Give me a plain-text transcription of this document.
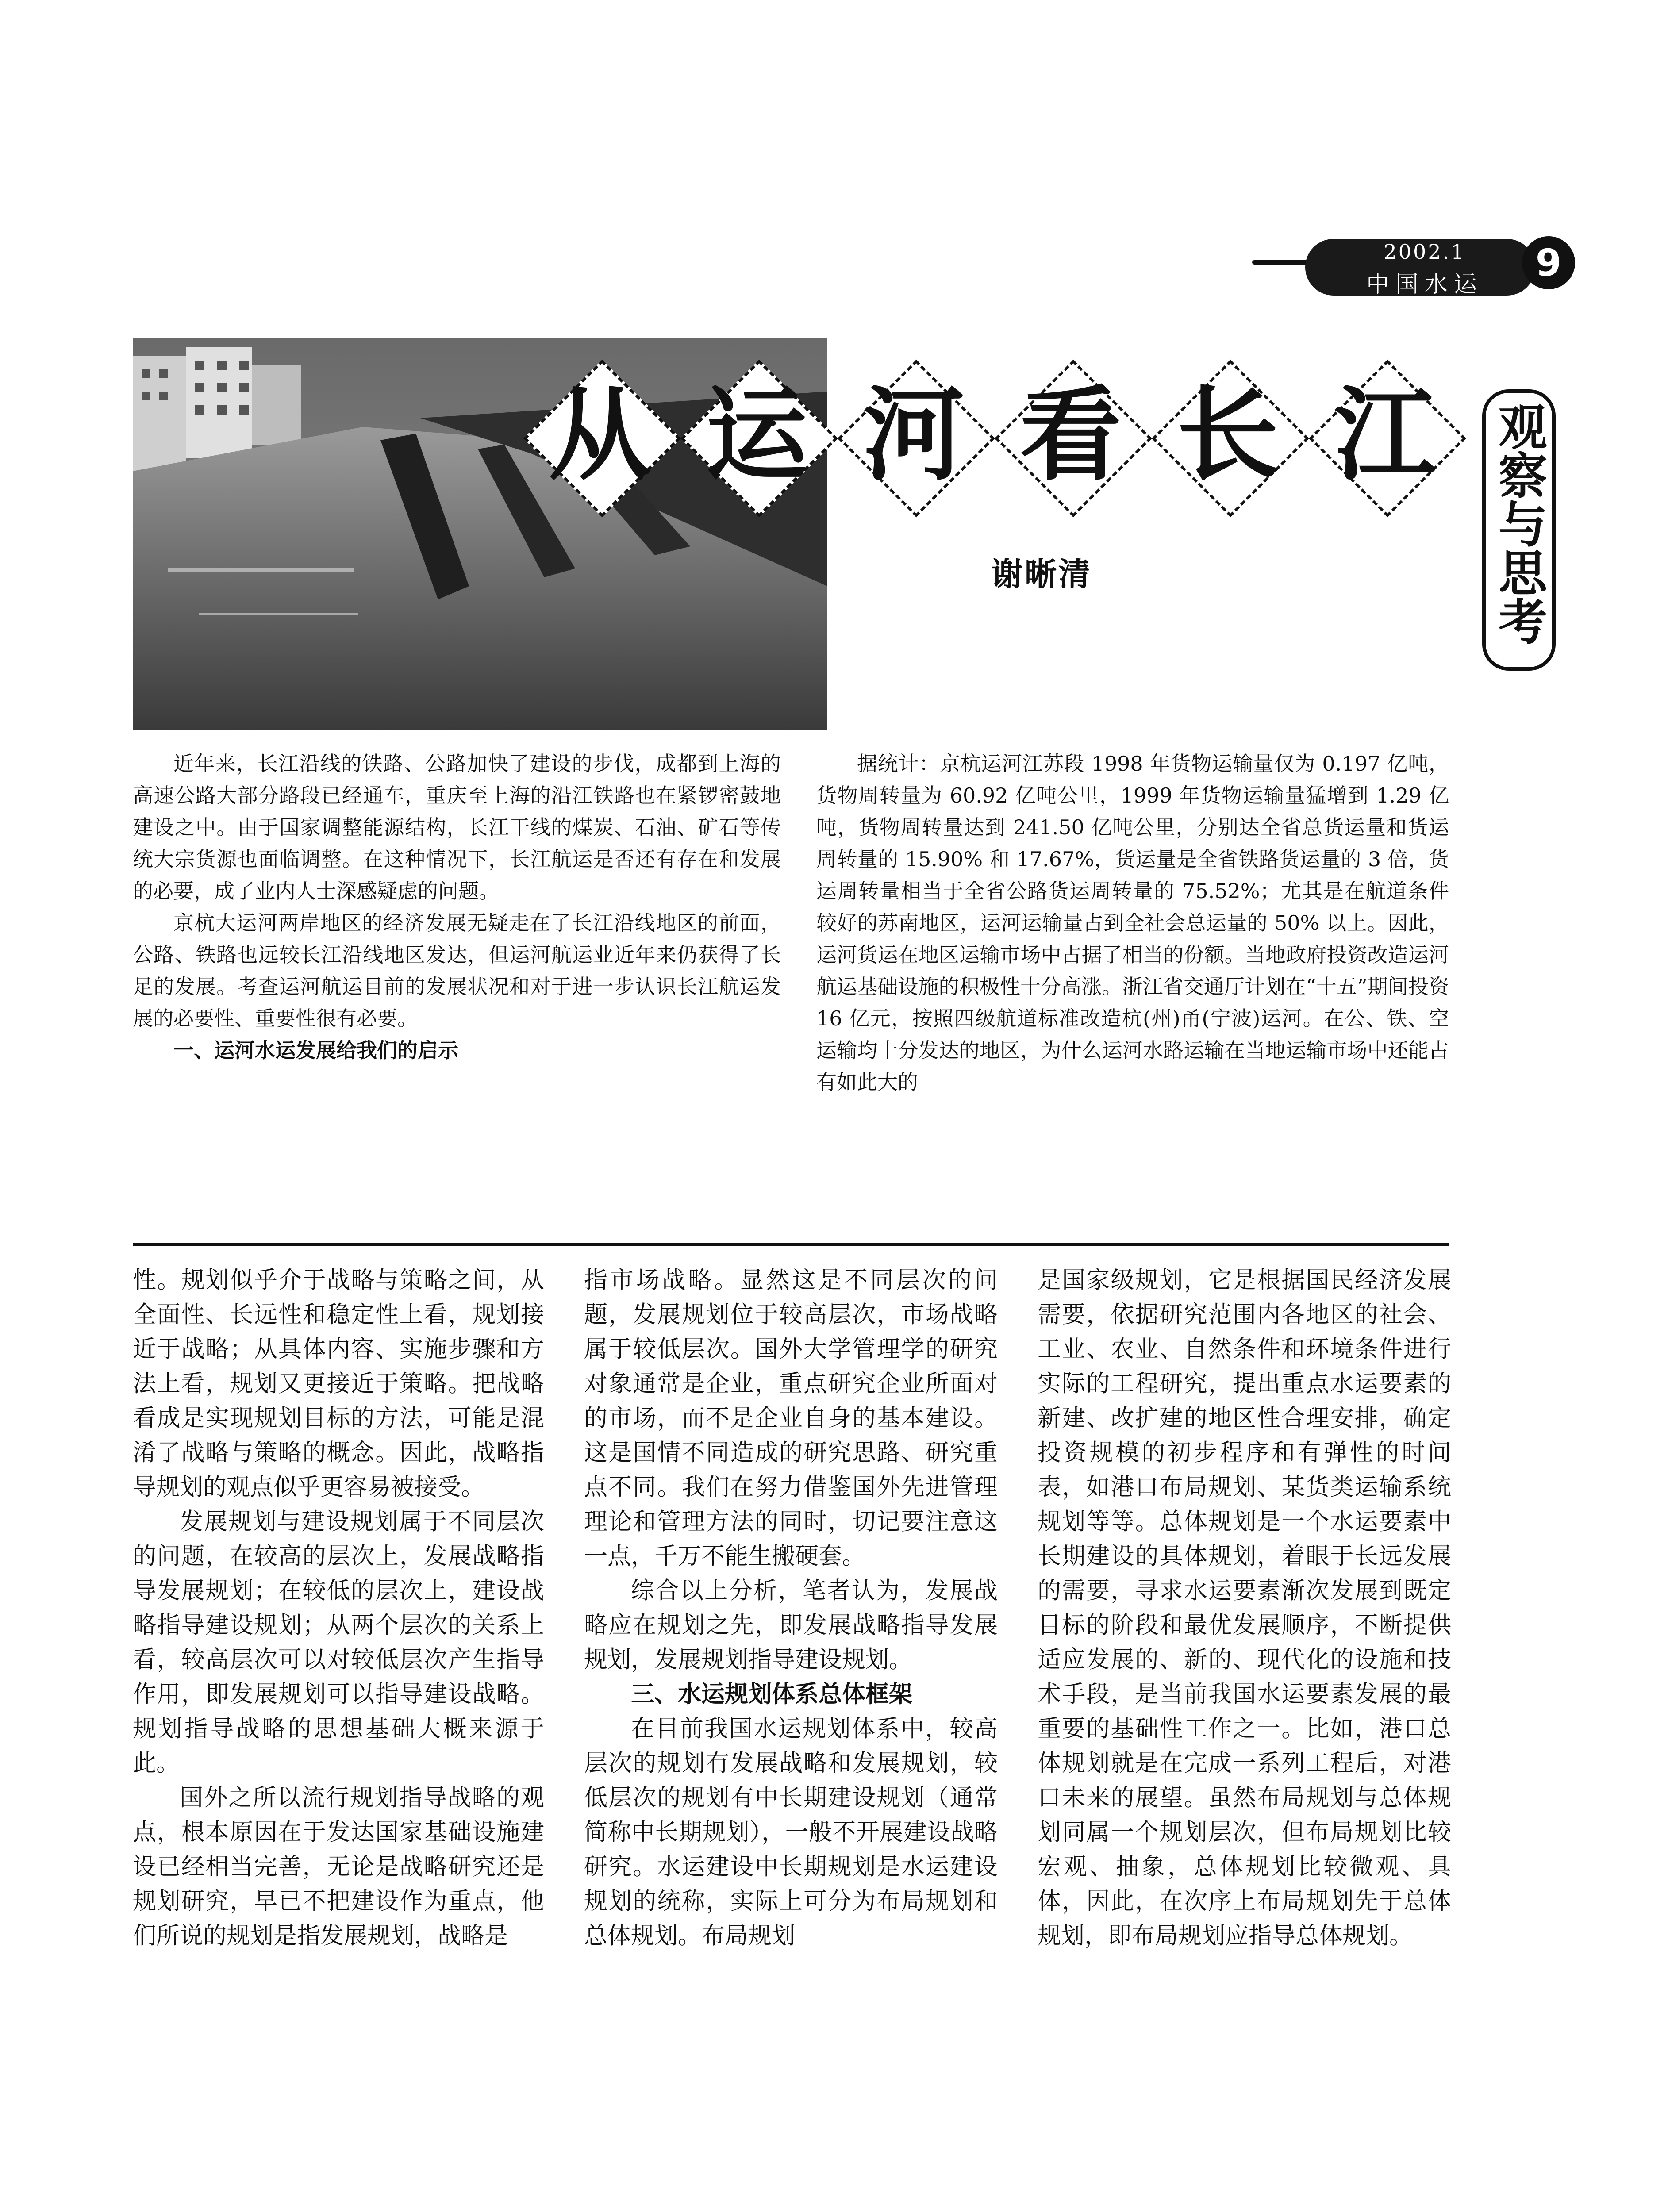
2002.1
中国水运	9
从 运 河 看 长 江
谢晰清	观察与思考

近年来，长江沿线的铁路、公路加快了建设的步伐，成都到上海的高速公路大部分路段已经通车，重庆至上海的沿江铁路也在紧锣密鼓地建设之中。由于国家调整能源结构，长江干线的煤炭、石油、矿石等传统大宗货源也面临调整。在这种情况下，长江航运是否还有存在和发展的必要，成了业内人士深感疑虑的问题。

京杭大运河两岸地区的经济发展无疑走在了长江沿线地区的前面，公路、铁路也远较长江沿线地区发达，但运河航运业近年来仍获得了长足的发展。考查运河航运目前的发展状况和对于进一步认识长江航运发展的必要性、重要性很有必要。

一、运河水运发展给我们的启示

据统计：京杭运河江苏段 1998 年货物运输量仅为 0.197 亿吨，货物周转量为 60.92 亿吨公里，1999 年货物运输量猛增到 1.29 亿吨，货物周转量达到 241.50 亿吨公里，分别达全省总货运量和货运周转量的 15.90% 和 17.67%，货运量是全省铁路货运量的 3 倍，货运周转量相当于全省公路货运周转量的 75.52%；尤其是在航道条件较好的苏南地区，运河运输量占到全社会总运量的 50% 以上。因此，运河货运在地区运输市场中占据了相当的份额。当地政府投资改造运河航运基础设施的积极性十分高涨。浙江省交通厅计划在“十五”期间投资 16 亿元，按照四级航道标准改造杭(州)甬(宁波)运河。在公、铁、空运输均十分发达的地区，为什么运河水路运输在当地运输市场中还能占有如此大的

性。规划似乎介于战略与策略之间，从全面性、长远性和稳定性上看，规划接近于战略；从具体内容、实施步骤和方法上看，规划又更接近于策略。把战略看成是实现规划目标的方法，可能是混淆了战略与策略的概念。因此，战略指导规划的观点似乎更容易被接受。

发展规划与建设规划属于不同层次的问题，在较高的层次上，发展战略指导发展规划；在较低的层次上，建设战略指导建设规划；从两个层次的关系上看，较高层次可以对较低层次产生指导作用，即发展规划可以指导建设战略。规划指导战略的思想基础大概来源于此。

国外之所以流行规划指导战略的观点，根本原因在于发达国家基础设施建设已经相当完善，无论是战略研究还是规划研究，早已不把建设作为重点，他们所说的规划是指发展规划，战略是

指市场战略。显然这是不同层次的问题，发展规划位于较高层次，市场战略属于较低层次。国外大学管理学的研究对象通常是企业，重点研究企业所面对的市场，而不是企业自身的基本建设。这是国情不同造成的研究思路、研究重点不同。我们在努力借鉴国外先进管理理论和管理方法的同时，切记要注意这一点，千万不能生搬硬套。

综合以上分析，笔者认为，发展战略应在规划之先，即发展战略指导发展规划，发展规划指导建设规划。

三、水运规划体系总体框架

在目前我国水运规划体系中，较高层次的规划有发展战略和发展规划，较低层次的规划有中长期建设规划（通常简称中长期规划），一般不开展建设战略研究。水运建设中长期规划是水运建设规划的统称，实际上可分为布局规划和总体规划。布局规划

是国家级规划，它是根据国民经济发展需要，依据研究范围内各地区的社会、工业、农业、自然条件和环境条件进行实际的工程研究，提出重点水运要素的新建、改扩建的地区性合理安排，确定投资规模的初步程序和有弹性的时间表，如港口布局规划、某货类运输系统规划等等。总体规划是一个水运要素中长期建设的具体规划，着眼于长远发展的需要，寻求水运要素渐次发展到既定目标的阶段和最优发展顺序，不断提供适应发展的、新的、现代化的设施和技术手段，是当前我国水运要素发展的最重要的基础性工作之一。比如，港口总体规划就是在完成一系列工程后，对港口未来的展望。虽然布局规划与总体规划同属一个规划层次，但布局规划比较宏观、抽象，总体规划比较微观、具体，因此，在次序上布局规划先于总体规划，即布局规划应指导总体规划。
